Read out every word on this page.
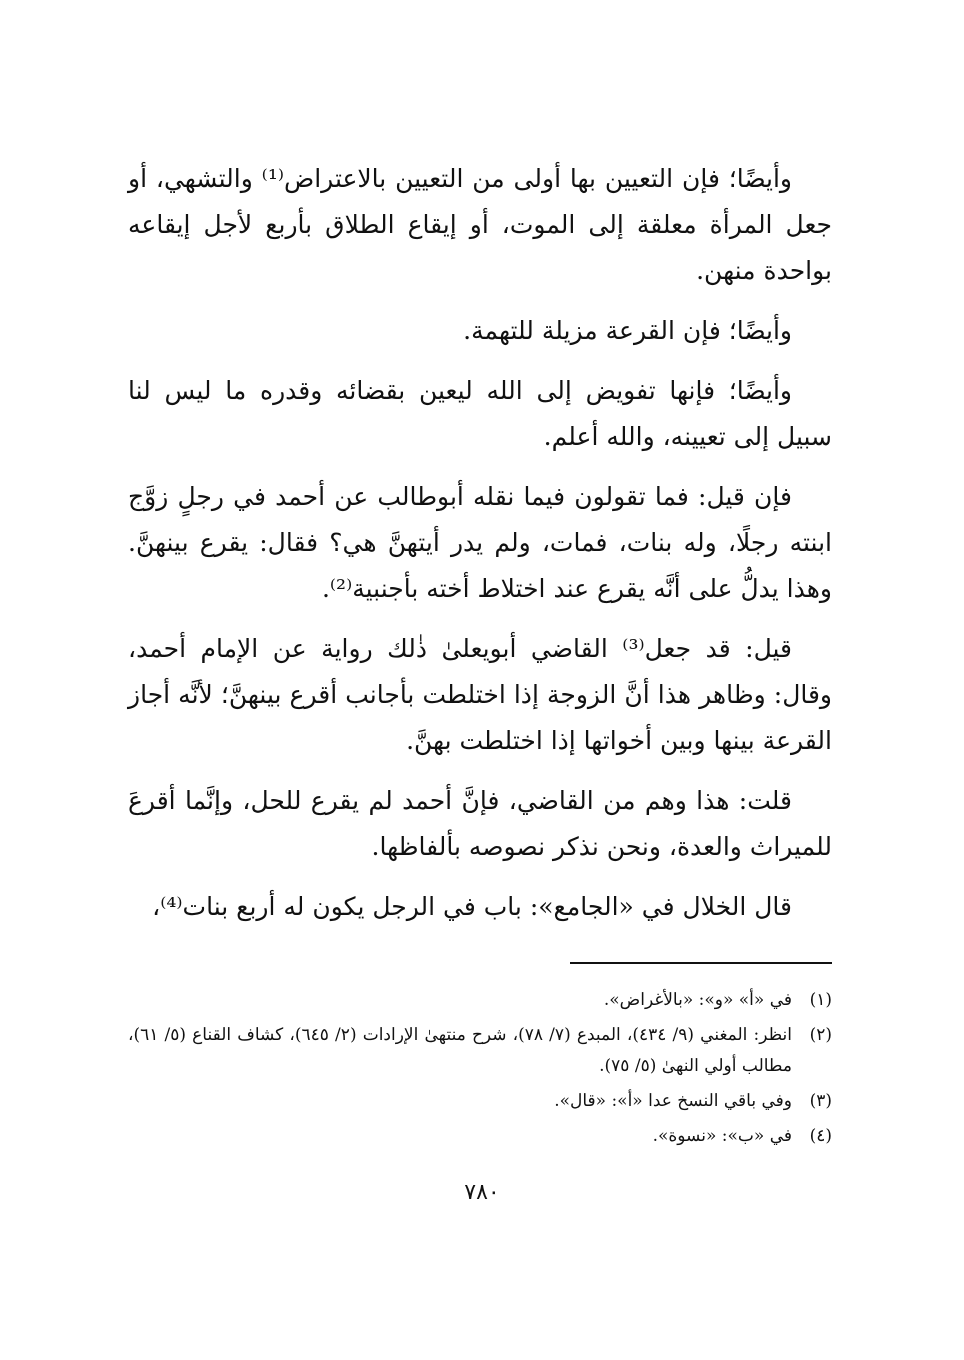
وأيضًا؛ فإن التعيين بها أولى من التعيين بالاعتراض⁽¹⁾ والتشهي، أو جعل المرأة معلقة إلى الموت، أو إيقاع الطلاق بأربع لأجل إيقاعه بواحدة منهن.

وأيضًا؛ فإن القرعة مزيلة للتهمة.

وأيضًا؛ فإنها تفويض إلى الله ليعين بقضائه وقدره ما ليس لنا سبيل إلى تعيينه، والله أعلم.

فإن قيل: فما تقولون فيما نقله أبوطالب عن أحمد في رجلٍ زوَّج ابنته رجلًا، وله بنات، فمات، ولم يدر أيتهنَّ هي؟ فقال: يقرع بينهنَّ. وهذا يدلُّ على أنَّه يقرع عند اختلاط أخته بأجنبية⁽²⁾.

قيل: قد جعل⁽³⁾ القاضي أبويعلىٰ ذٰلك رواية عن الإمام أحمد، وقال: وظاهر هذا أنَّ الزوجة إذا اختلطت بأجانب أقرع بينهنَّ؛ لأنَّه أجاز القرعة بينها وبين أخواتها إذا اختلطت بهنَّ.

قلت: هذا وهم من القاضي، فإنَّ أحمد لم يقرع للحل، وإنَّما أقرعَ للميراث والعدة، ونحن نذكر نصوصه بألفاظها.

قال الخلال في «الجامع»: باب في الرجل يكون له أربع بنات⁽⁴⁾،

(١)
في «أ» «و»: «بالأغراض».
(٢)
انظر: المغني (٩/ ٤٣٤)، المبدع (٧/ ٧٨)، شرح منتهىٰ الإرادات (٢/ ٦٤٥)، كشاف القناع (٥/ ٦١)، مطالب أولي النهىٰ (٥/ ٧٥).
(٣)
وفي باقي النسخ عدا «أ»: «قال».
(٤)
في «ب»: «نسوة».
٧٨٠
